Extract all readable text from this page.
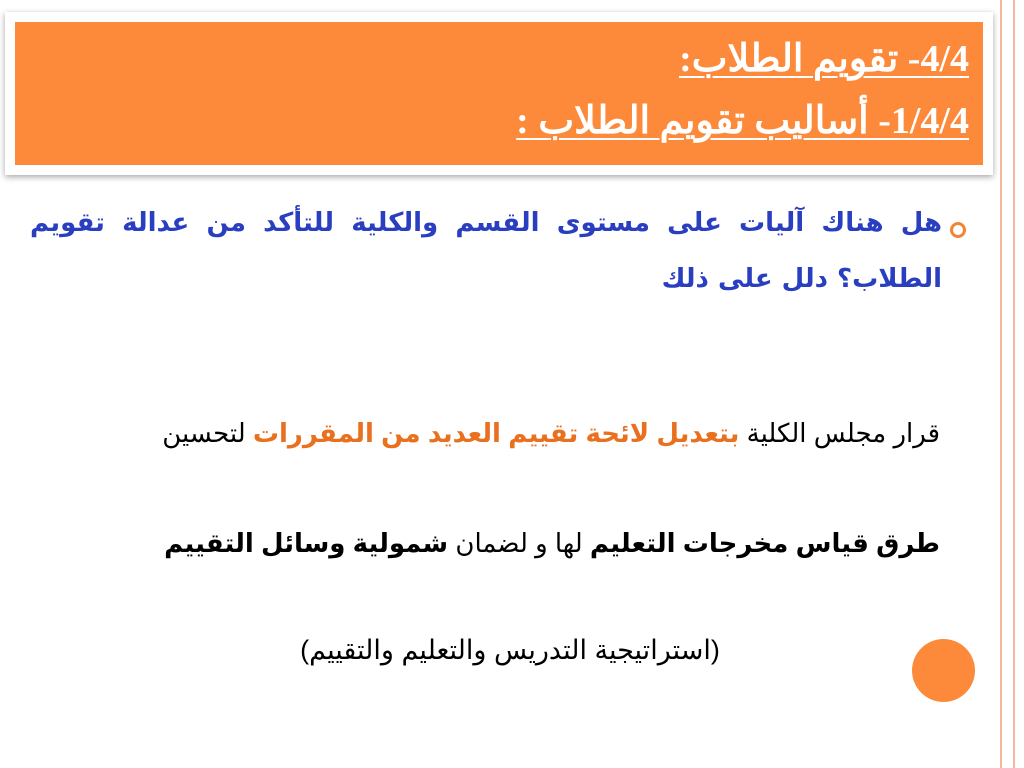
4/4- تقويم الطلاب:
1/4/4- أساليب تقويم الطلاب :
هل هناك آليات على مستوى القسم والكلية للتأكد من عدالة تقويم الطلاب؟ دلل على ذلك
قرار مجلس الكلية بتعديل لائحة تقييم العديد من المقررات لتحسين
طرق قياس مخرجات التعليم لها و لضمان شمولية وسائل التقييم
(استراتيجية التدريس والتعليم والتقييم)
